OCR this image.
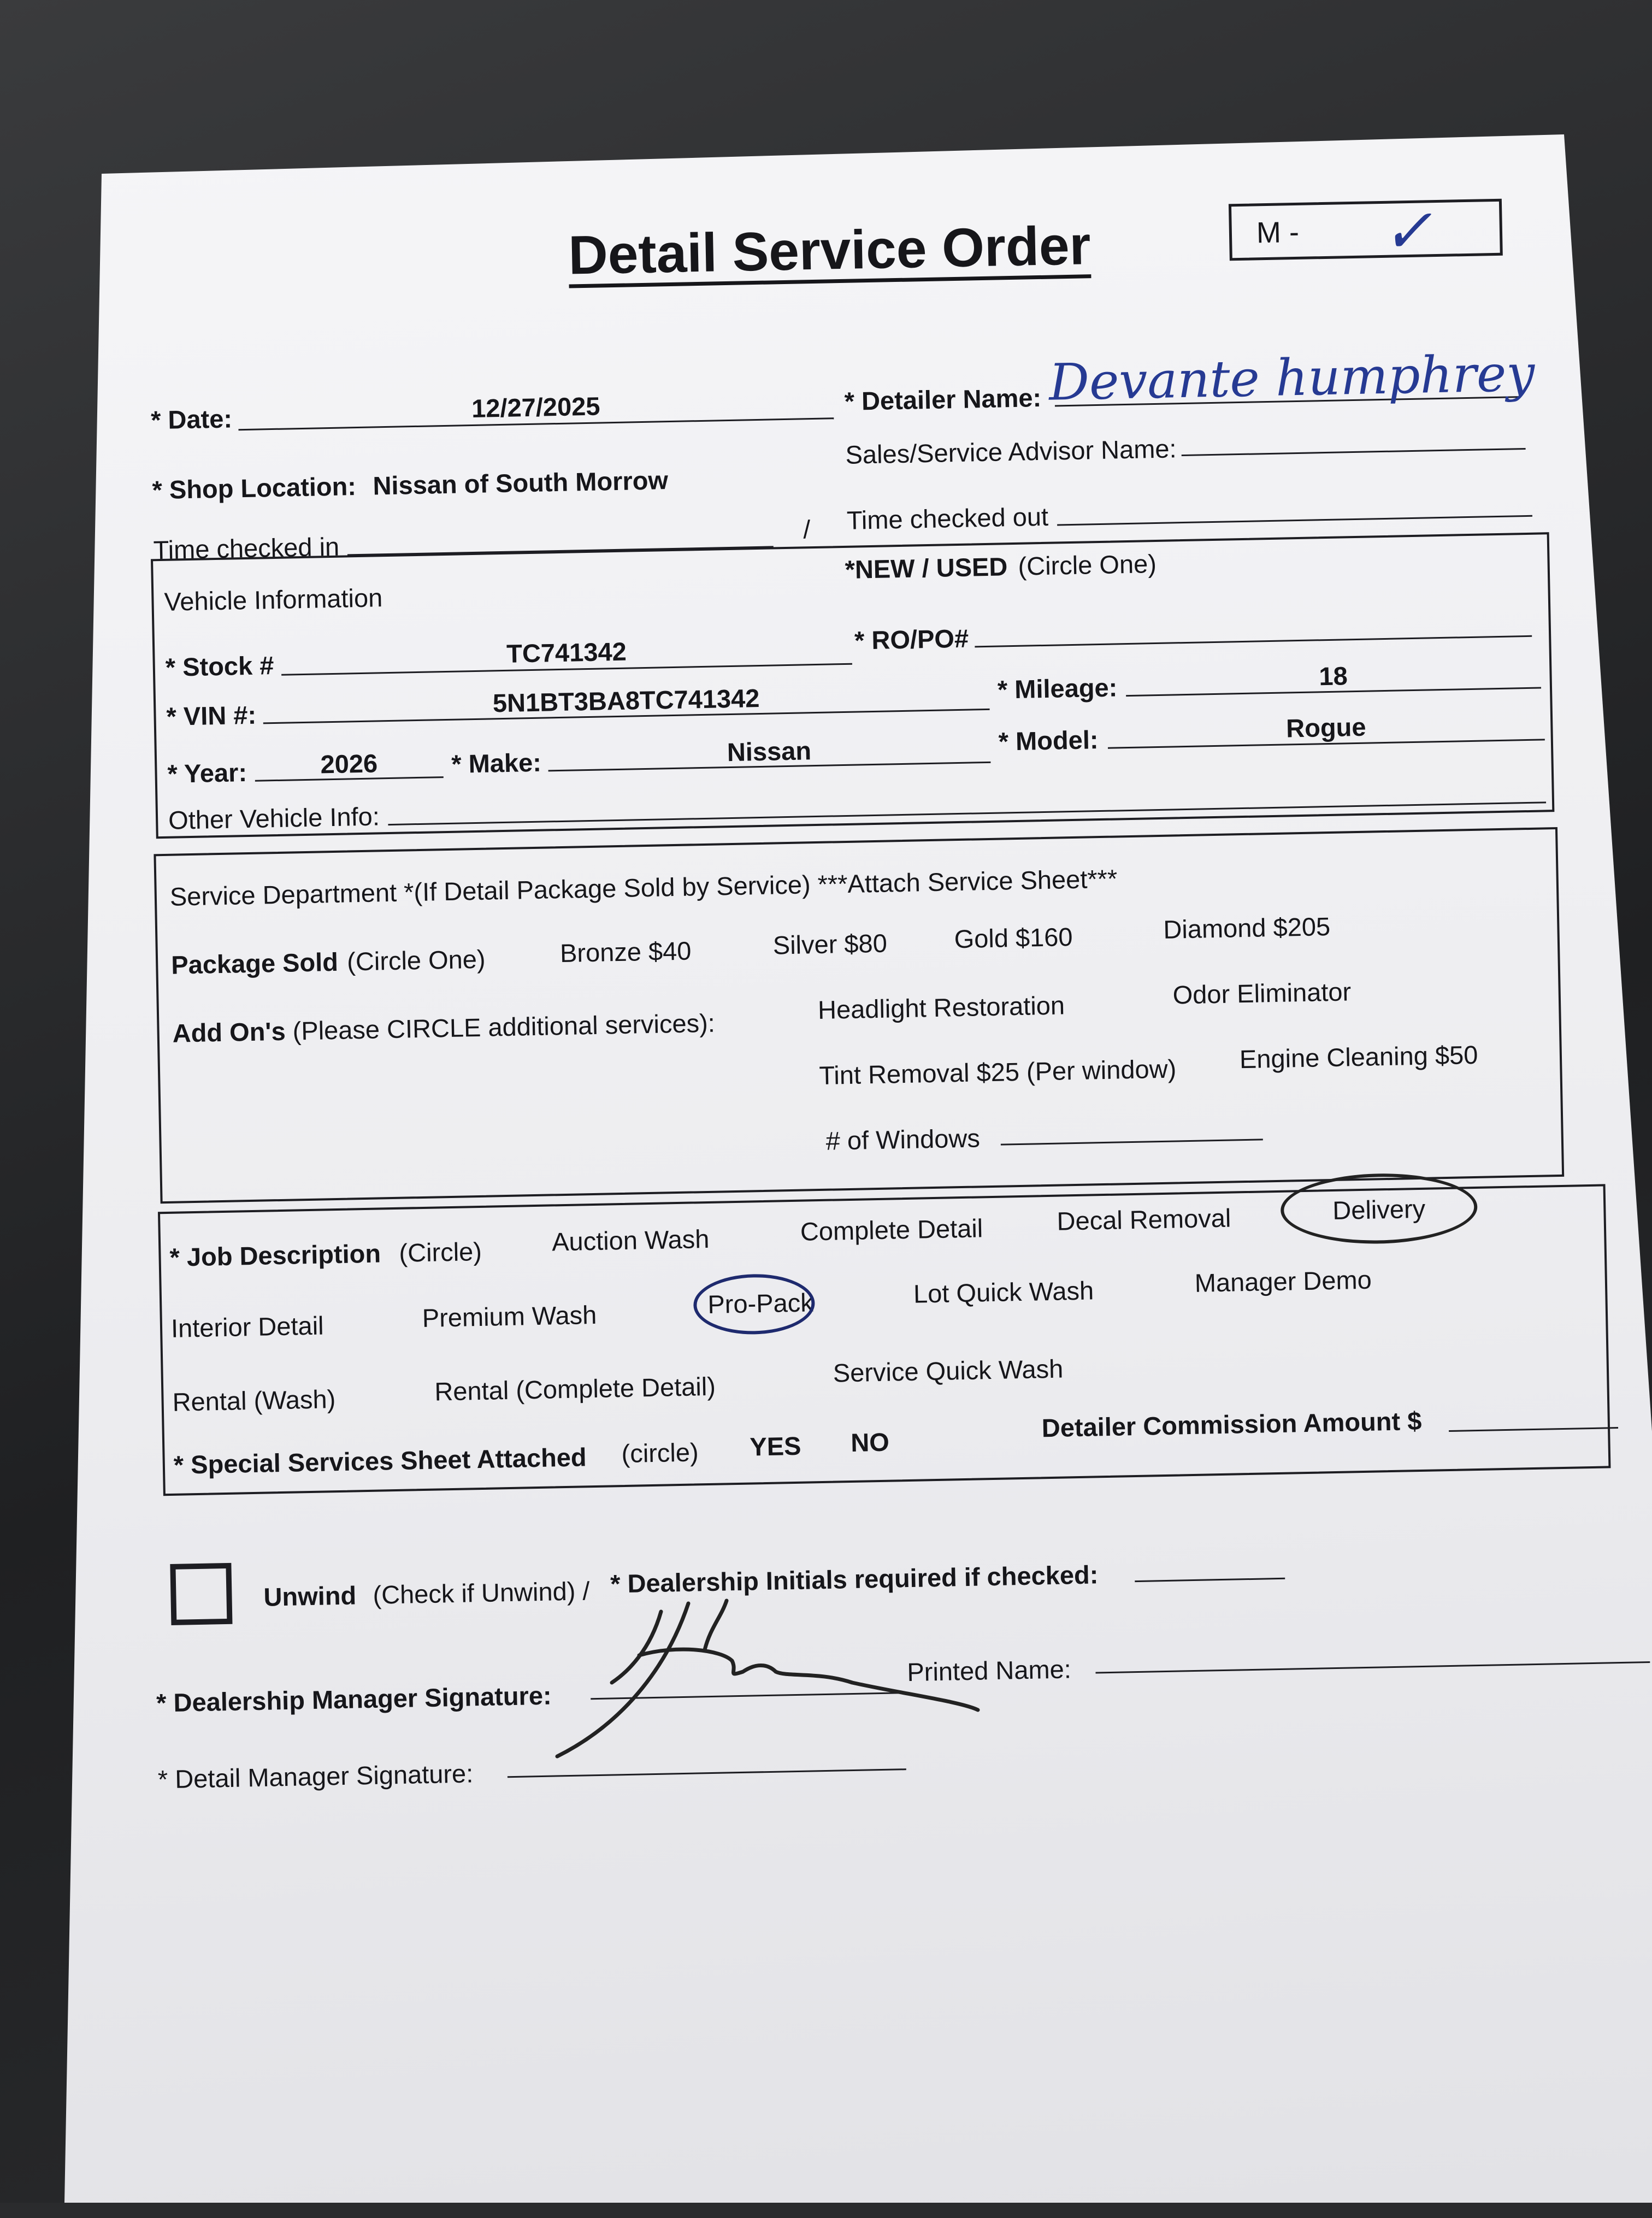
Detail Service Order	M - ✓
* Date:	12/27/2025	* Detailer Name: Devante humphrey
* Shop Location: Nissan of South Morrow
Sales/Service Advisor Name:
Time checked in
/ Time checked out
Vehicle Information
*NEW / USED (Circle One)
* Stock #	TC741342	* RO/PO#
* VIN #:	5N1BT3BA8TC741342	* Mileage:	18
* Year:	2026	* Make:	Nissan	* Model:	Rogue
Other Vehicle Info:
Service Department *(If Detail Package Sold by Service) ***Attach Service Sheet***
Package Sold (Circle One)	Bronze $40	Silver $80	Gold $160	Diamond $205
Add On's (Please CIRCLE additional services):
Headlight Restoration	Odor Eliminator
Tint Removal $25 (Per window) Engine Cleaning $50
# of Windows
* Job Description (Circle)	Auction Wash	Complete Detail	Decal Removal	Delivery
Interior Detail	Premium Wash	Pro-Pack	Lot Quick Wash	Manager Demo
Rental (Wash)	Rental (Complete Detail)
Service Quick Wash
* Special Services Sheet Attached (circle) YES NO	Detailer Commission Amount $
Unwind (Check if Unwind) / * Dealership Initials required if checked:
* Dealership Manager Signature:
Printed Name:
* Detail Manager Signature:
